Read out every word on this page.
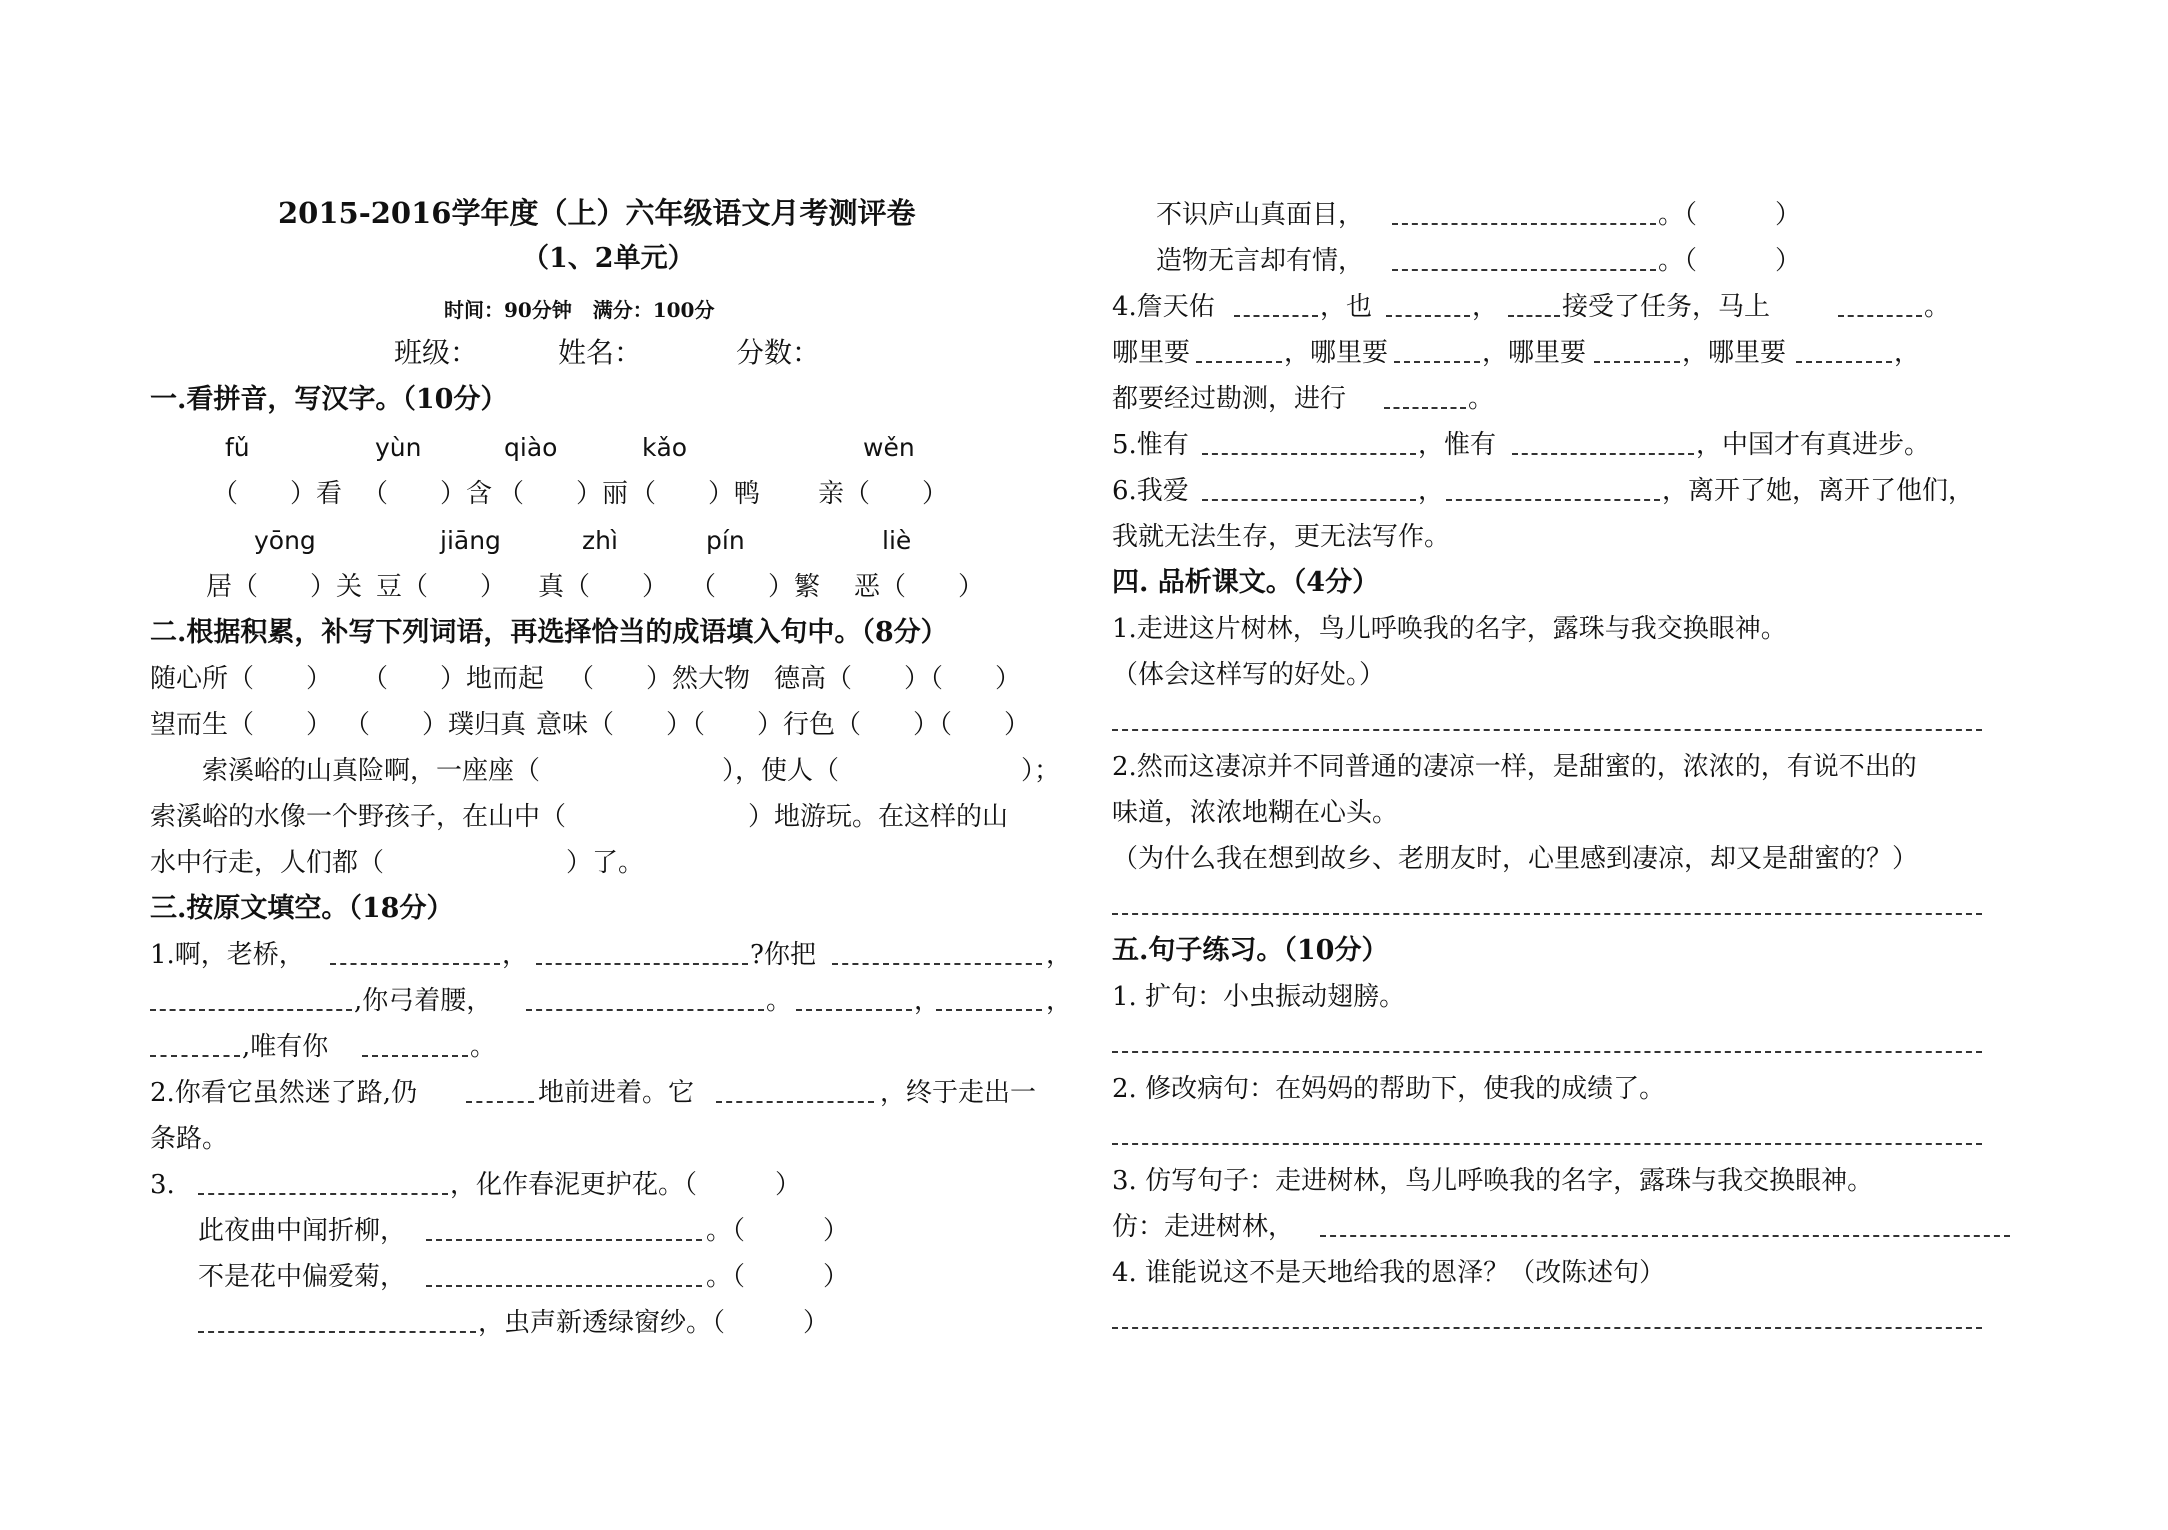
2015-2016学年度（上）六年级语文月考测评卷
（1、2单元）
时间：90分钟   满分：100分
班级：	姓名：	分数：
一.看拼音，写汉字。（10分）
fǔ	yùn	qiào	kǎo	wěn
（　　）看 （　　）含 （　　）丽 （　　）鸭 亲（　　）
yōng	jiāng	zhì	pín	liè
居（　　）关 豆（　　） 真（　　） （　　）繁 恶（　　）
二.根据积累，补写下列词语，再选择恰当的成语填入句中。（8分）
随心所（　　） （　　）地而起 （　　）然大物 德高（　　）（　　）
望而生（　　） （　　）璞归真 意味（　　）（　　）行色（　　）（　　）
　　索溪峪的山真险啊，一座座（　　　　　　　），使人（　　　　　　　）；
索溪峪的水像一个野孩子，在山中（　　　　　　　）地游玩。在这样的山
水中行走，人们都（　　　　　　　）了。
三.按原文填空。（18分）
1.啊，老桥，	，	?你把	，
,你弓着腰，	。	，	，
,唯有你	。
2.你看它虽然迷了路,仍	地前进着。它	，终于走出一
条路。
3.	，化作春泥更护花。（　　　）
此夜曲中闻折柳，	。（　　　）
不是花中偏爱菊，	。（　　　）
，虫声新透绿窗纱。（　　　）
不识庐山真面目，	。（　　　）
造物无言却有情，	。（　　　）
4.詹天佑	，也	， 接受了任务，马上	。
哪里要	，哪里要	，哪里要	，哪里要	，
都要经过勘测，进行	。
5.惟有	，惟有	，中国才有真进步。
6.我爱	，	，离开了她，离开了他们，
我就无法生存，更无法写作。
四. 品析课文。（4分）
1.走进这片树林，鸟儿呼唤我的名字，露珠与我交换眼神。
（体会这样写的好处。）
2.然而这凄凉并不同普通的凄凉一样，是甜蜜的，浓浓的，有说不出的
味道，浓浓地糊在心头。
（为什么我在想到故乡、老朋友时，心里感到凄凉，却又是甜蜜的？）
五.句子练习。（10分）
1. 扩句：小虫振动翅膀。
2. 修改病句：在妈妈的帮助下，使我的成绩了。
3. 仿写句子：走进树林，鸟儿呼唤我的名字，露珠与我交换眼神。
仿：走进树林，
4. 谁能说这不是天地给我的恩泽？（改陈述句）
